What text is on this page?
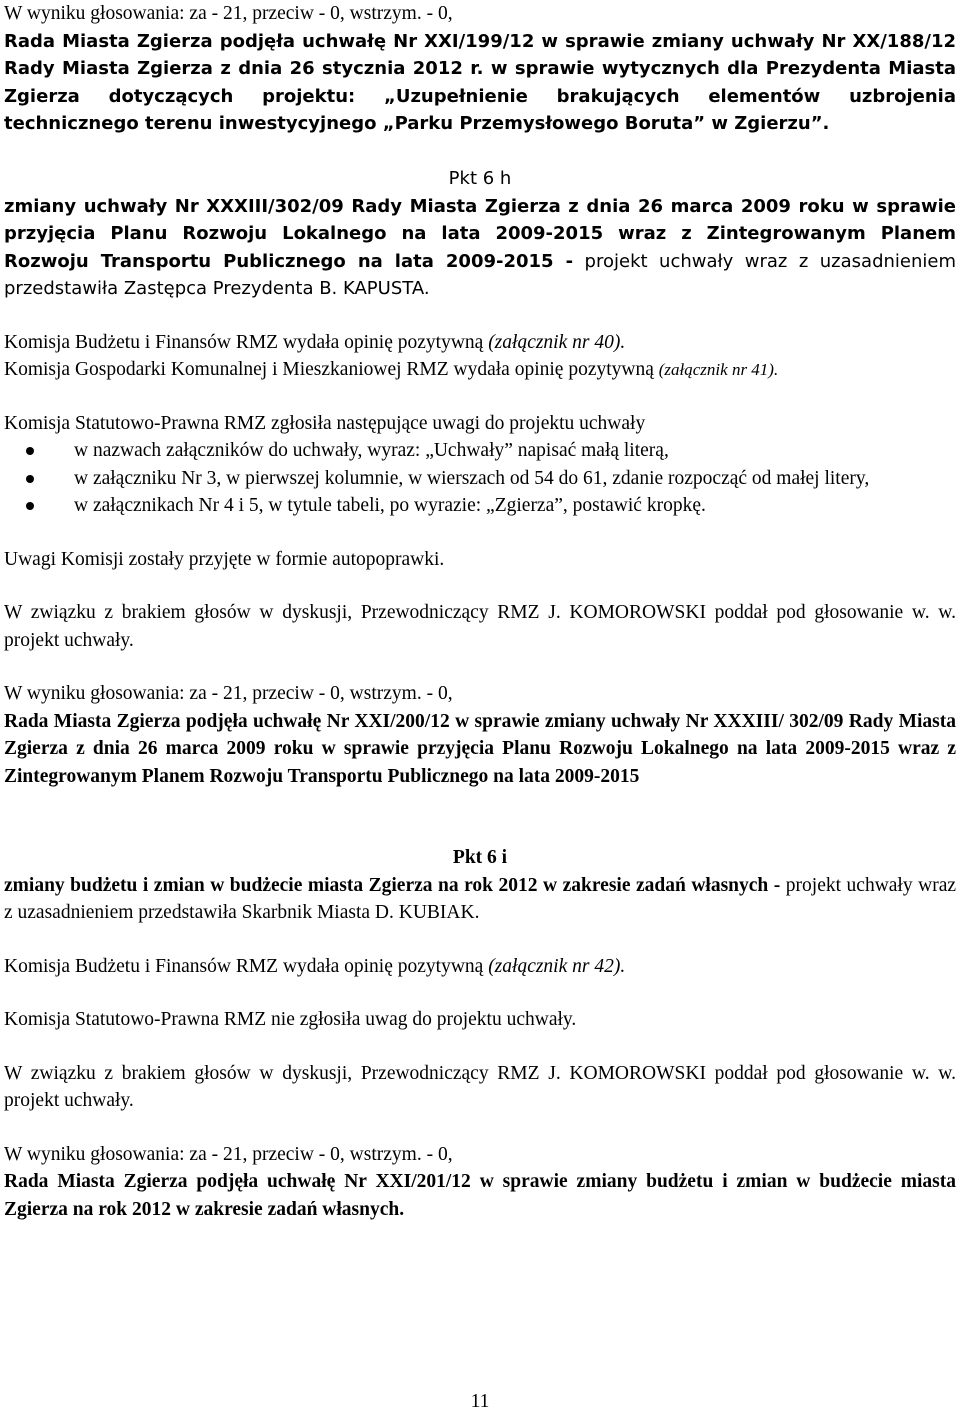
W wyniku głosowania: za - 21, przeciw - 0, wstrzym. - 0,

Rada Miasta Zgierza podjęła uchwałę Nr XXI/199/12 w sprawie zmiany uchwały Nr XX/188/12 Rady Miasta Zgierza z dnia 26 stycznia 2012 r. w sprawie wytycznych dla Prezydenta Miasta Zgierza dotyczących projektu: „Uzupełnienie brakujących elementów uzbrojenia technicznego terenu inwestycyjnego „Parku Przemysłowego Boruta” w Zgierzu”.

Pkt 6 h

zmiany uchwały Nr XXXIII/302/09 Rady Miasta Zgierza z dnia 26 marca 2009 roku w sprawie przyjęcia Planu Rozwoju Lokalnego na lata 2009-2015 wraz z Zintegrowanym Planem Rozwoju Transportu Publicznego na lata 2009-2015 - projekt uchwały wraz z uzasadnieniem przedstawiła Zastępca Prezydenta B. KAPUSTA.

Komisja Budżetu i Finansów RMZ wydała opinię pozytywną (załącznik nr 40).

Komisja Gospodarki Komunalnej i Mieszkaniowej RMZ wydała opinię pozytywną (załącznik nr 41).

Komisja Statutowo-Prawna RMZ zgłosiła następujące uwagi do projektu uchwały

w nazwach załączników do uchwały, wyraz: „Uchwały” napisać małą literą,
w załączniku Nr 3, w pierwszej kolumnie, w wierszach od 54 do 61, zdanie rozpocząć od małej litery,
w załącznikach Nr 4 i 5, w tytule tabeli, po wyrazie: „Zgierza”, postawić kropkę.

Uwagi Komisji zostały przyjęte w formie autopoprawki.

W związku z brakiem głosów w dyskusji, Przewodniczący RMZ J. KOMOROWSKI poddał pod głosowanie w. w. projekt uchwały.

W wyniku głosowania: za - 21, przeciw - 0, wstrzym. - 0,

Rada Miasta Zgierza podjęła uchwałę Nr XXI/200/12 w sprawie zmiany uchwały Nr XXXIII/ 302/09 Rady Miasta Zgierza z dnia 26 marca 2009 roku w sprawie przyjęcia Planu Rozwoju Lokalnego na lata 2009-2015 wraz z Zintegrowanym Planem Rozwoju Transportu Publicznego na lata 2009-2015

Pkt 6 i

zmiany budżetu i zmian w budżecie miasta Zgierza na rok 2012 w zakresie zadań własnych - projekt uchwały wraz z uzasadnieniem przedstawiła Skarbnik Miasta D. KUBIAK.

Komisja Budżetu i Finansów RMZ wydała opinię pozytywną (załącznik nr 42).

Komisja Statutowo-Prawna RMZ nie zgłosiła uwag do projektu uchwały.

W związku z brakiem głosów w dyskusji, Przewodniczący RMZ J. KOMOROWSKI poddał pod głosowanie w. w. projekt uchwały.

W wyniku głosowania: za - 21, przeciw - 0, wstrzym. - 0,

Rada Miasta Zgierza podjęła uchwałę Nr XXI/201/12 w sprawie zmiany budżetu i zmian w budżecie miasta Zgierza na rok 2012 w zakresie zadań własnych.

11
